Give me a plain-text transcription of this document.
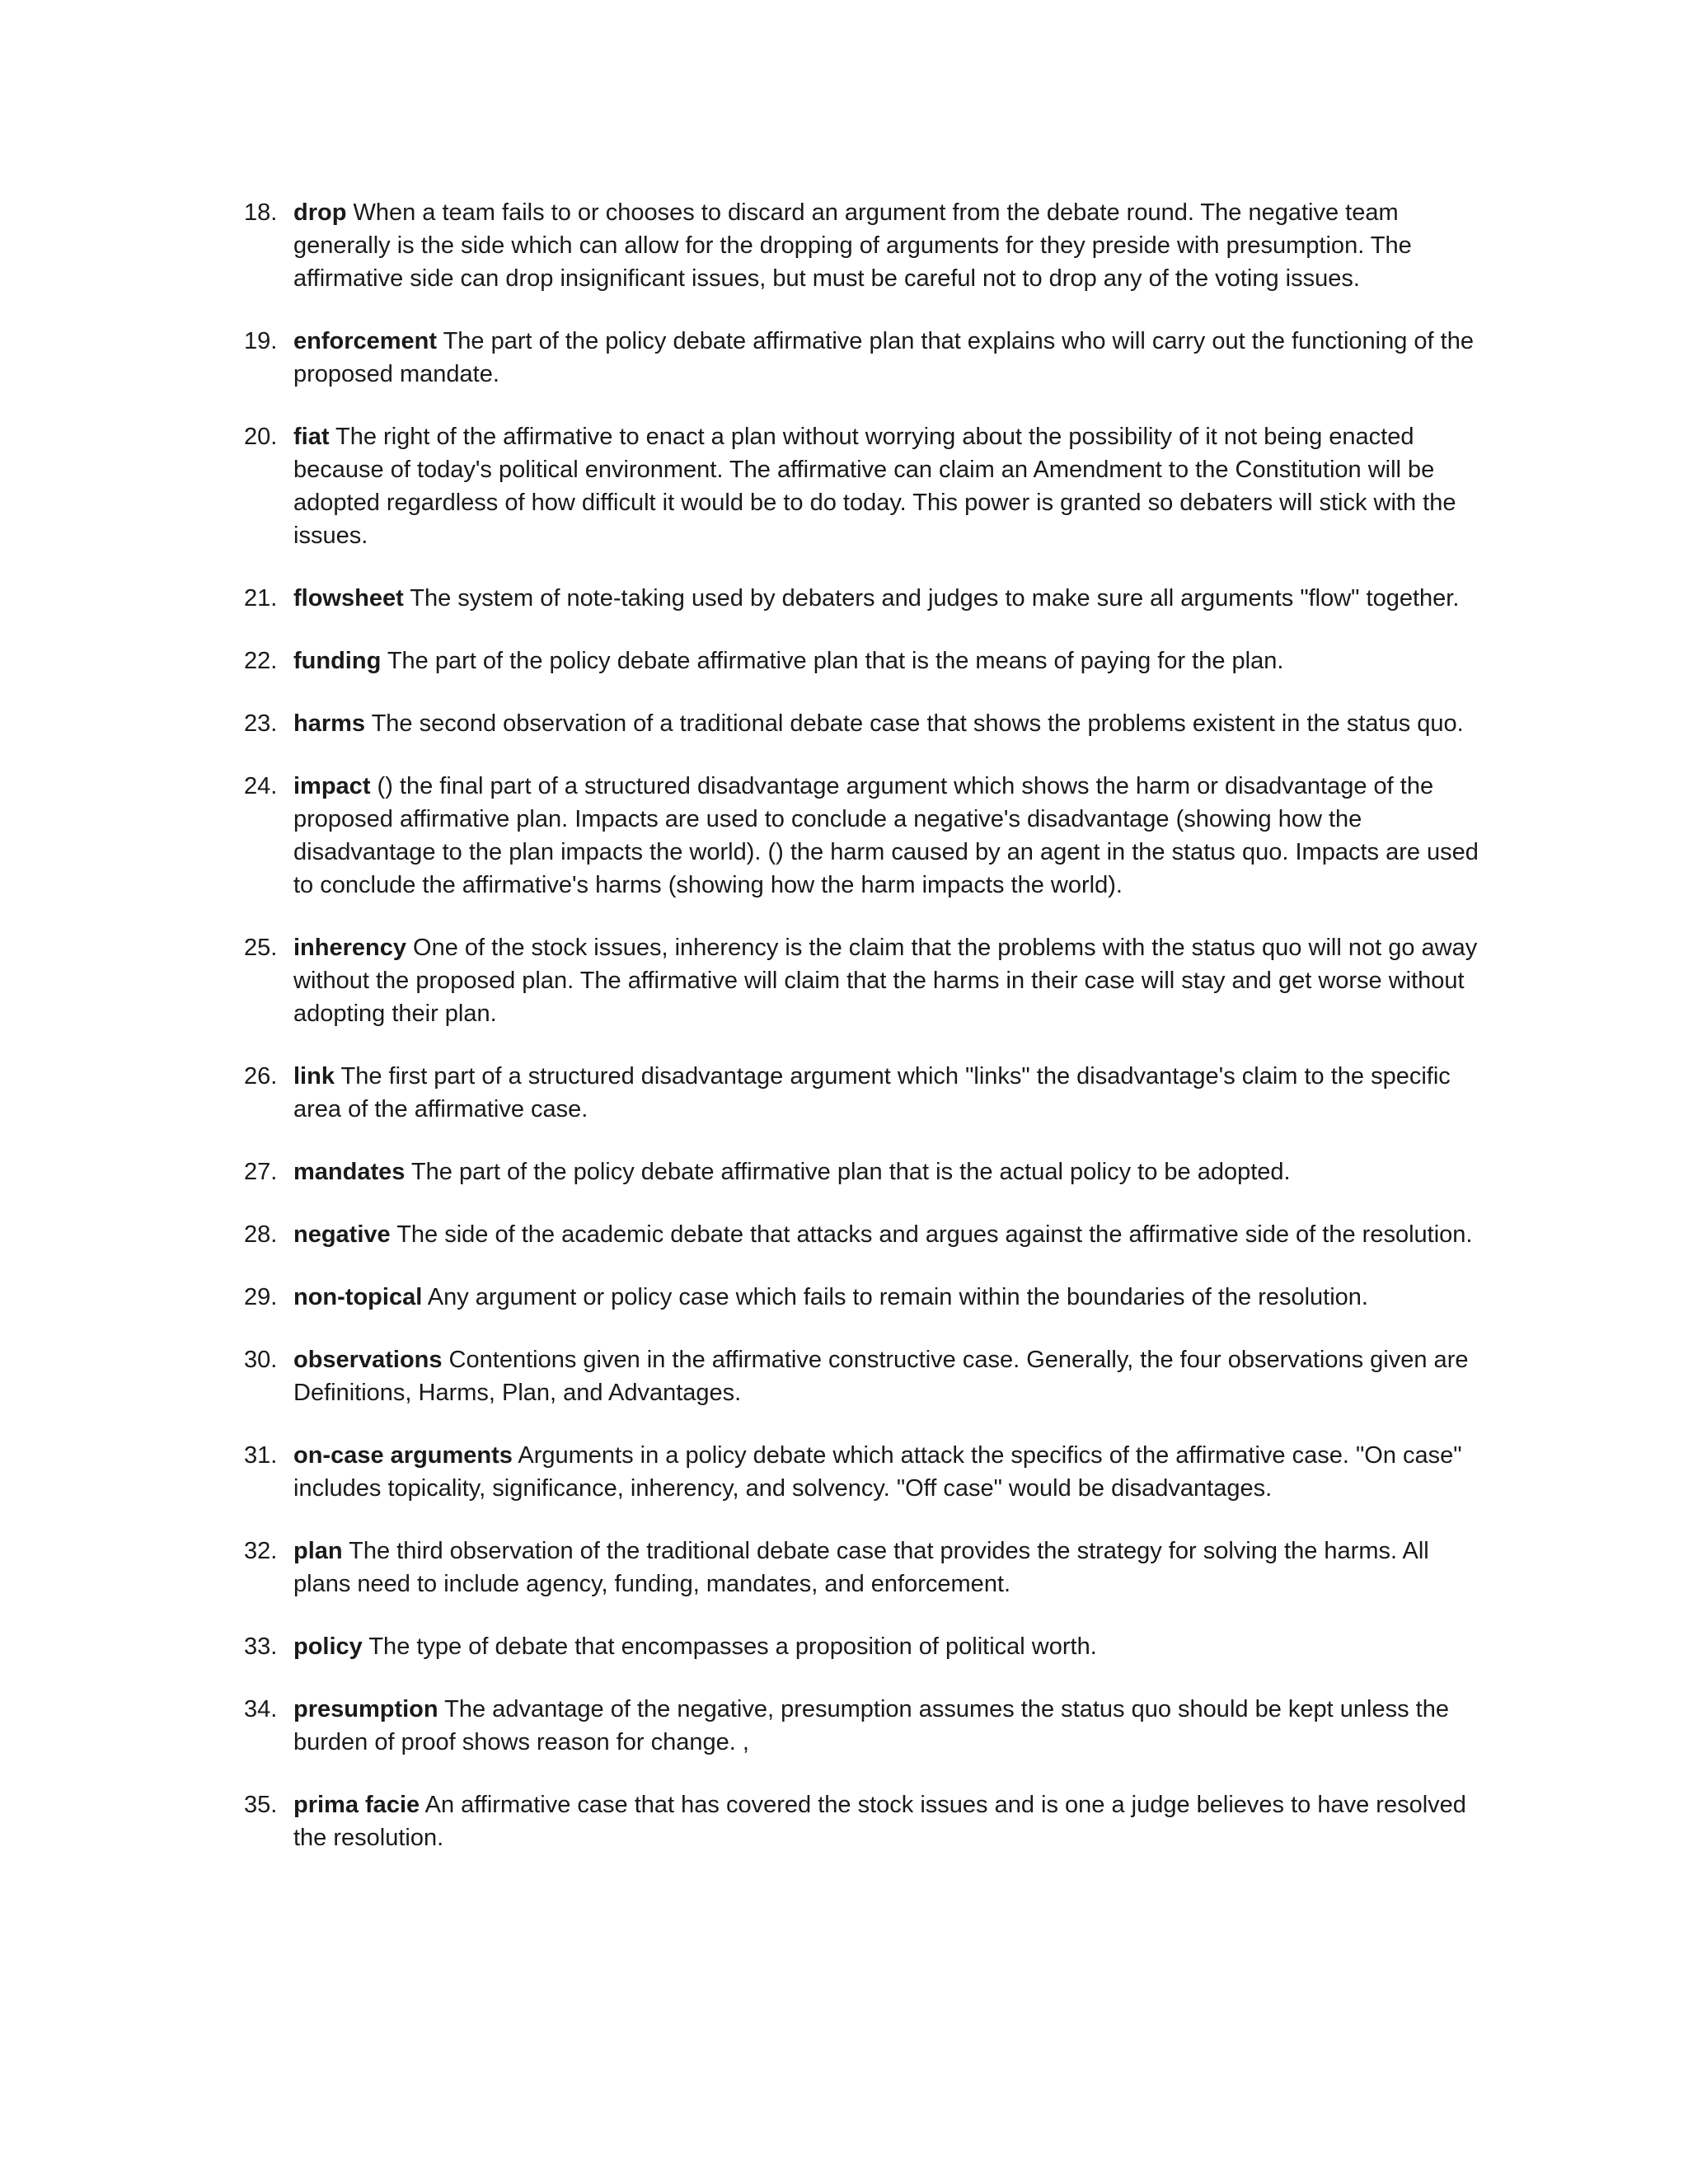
18. drop When a team fails to or chooses to discard an argument from the debate round. The negative team generally is the side which can allow for the dropping of arguments for they preside with presumption. The affirmative side can drop insignificant issues, but must be careful not to drop any of the voting issues.
19. enforcement The part of the policy debate affirmative plan that explains who will carry out the functioning of the proposed mandate.
20. fiat The right of the affirmative to enact a plan without worrying about the possibility of it not being enacted because of today's political environment. The affirmative can claim an Amendment to the Constitution will be adopted regardless of how difficult it would be to do today. This power is granted so debaters will stick with the issues.
21. flowsheet The system of note-taking used by debaters and judges to make sure all arguments "flow" together.
22. funding The part of the policy debate affirmative plan that is the means of paying for the plan.
23. harms The second observation of a traditional debate case that shows the problems existent in the status quo.
24. impact () the final part of a structured disadvantage argument which shows the harm or disadvantage of the proposed affirmative plan. Impacts are used to conclude a negative's disadvantage (showing how the disadvantage to the plan impacts the world). () the harm caused by an agent in the status quo. Impacts are used to conclude the affirmative's harms (showing how the harm impacts the world).
25. inherency One of the stock issues, inherency is the claim that the problems with the status quo will not go away without the proposed plan. The affirmative will claim that the harms in their case will stay and get worse without adopting their plan.
26. link The first part of a structured disadvantage argument which "links" the disadvantage's claim to the specific area of the affirmative case.
27. mandates The part of the policy debate affirmative plan that is the actual policy to be adopted.
28. negative The side of the academic debate that attacks and argues against the affirmative side of the resolution.
29. non-topical Any argument or policy case which fails to remain within the boundaries of the resolution.
30. observations Contentions given in the affirmative constructive case. Generally, the four observations given are Definitions, Harms, Plan, and Advantages.
31. on-case arguments Arguments in a policy debate which attack the specifics of the affirmative case. "On case" includes topicality, significance, inherency, and solvency. "Off case" would be disadvantages.
32. plan The third observation of the traditional debate case that provides the strategy for solving the harms. All plans need to include agency, funding, mandates, and enforcement.
33. policy The type of debate that encompasses a proposition of political worth.
34. presumption The advantage of the negative, presumption assumes the status quo should be kept unless the burden of proof shows reason for change. ,
35. prima facie An affirmative case that has covered the stock issues and is one a judge believes to have resolved the resolution.
